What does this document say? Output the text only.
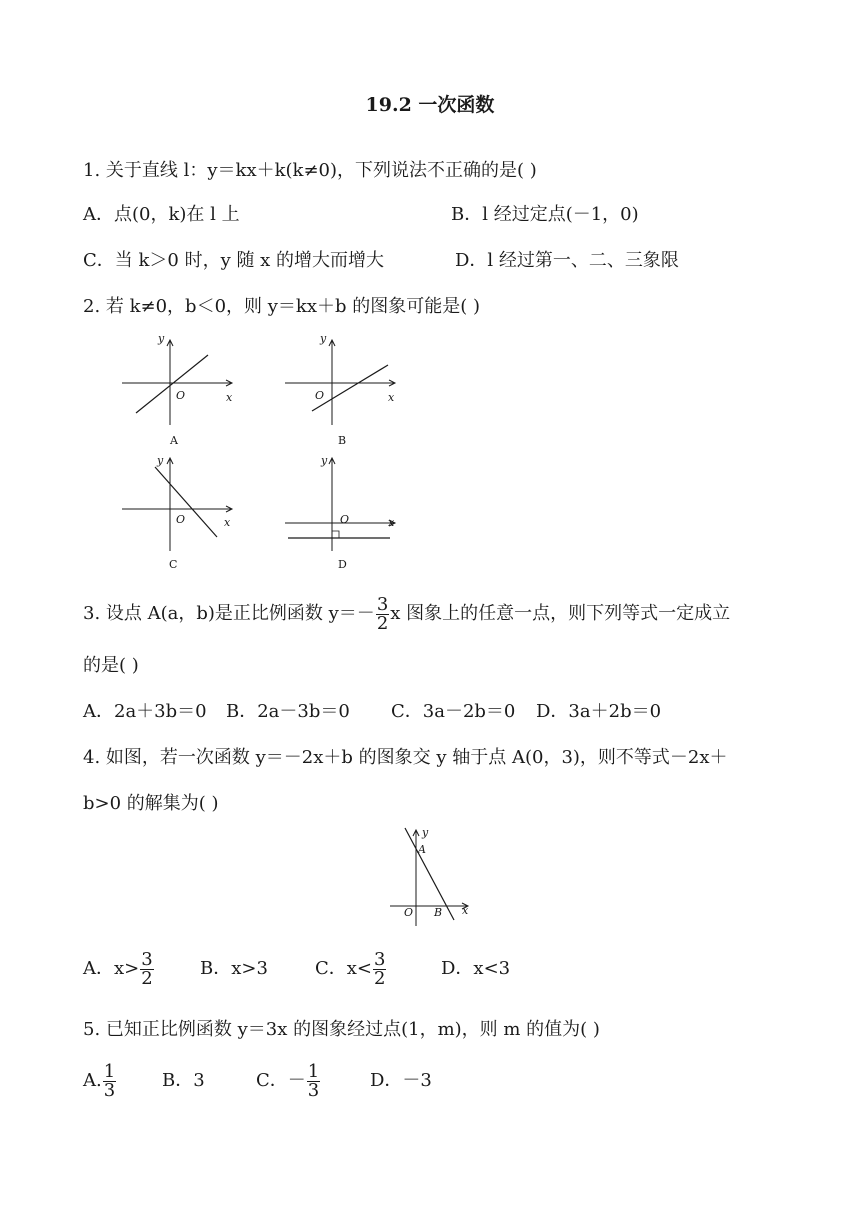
19.2 一次函数
1. 关于直线 l：y＝kx＋k(k≠0)，下列说法不正确的是( )
A．点(0，k)在 l 上	B．l 经过定点(－1，0)
C．当 k＞0 时，y 随 x 的增大而增大	D．l 经过第一、二、三象限
2. 若 k≠0，b＜0，则 y＝kx＋b 的图象可能是( )
y
x
O
A
y
x
O
B
y
x
O
C
y
x
O
D
3. 设点 A(a，b)是正比例函数 $y=- \frac{3}{2}$ x 图象上的任意一点，则下列等式一定成立
的是( )
A．2a＋3b＝0 B．2a－3b＝0 C．3a－2b＝0 D．3a＋2b＝0
4. 如图，若一次函数 y＝－2x＋b 的图象交 y 轴于点 A(0，3)，则不等式－2x＋
b>0 的解集为( )
y
x
A
O B
A．$x> \frac{3}{2}$	B．x>3	C．$x< \frac{3}{2}$	D．x<3
5. 已知正比例函数 y＝3x 的图象经过点(1，m)，则 m 的值为( )
A. $\frac{1}{3}$	B．3	C．－ $\frac{1}{3}$	D．－3
